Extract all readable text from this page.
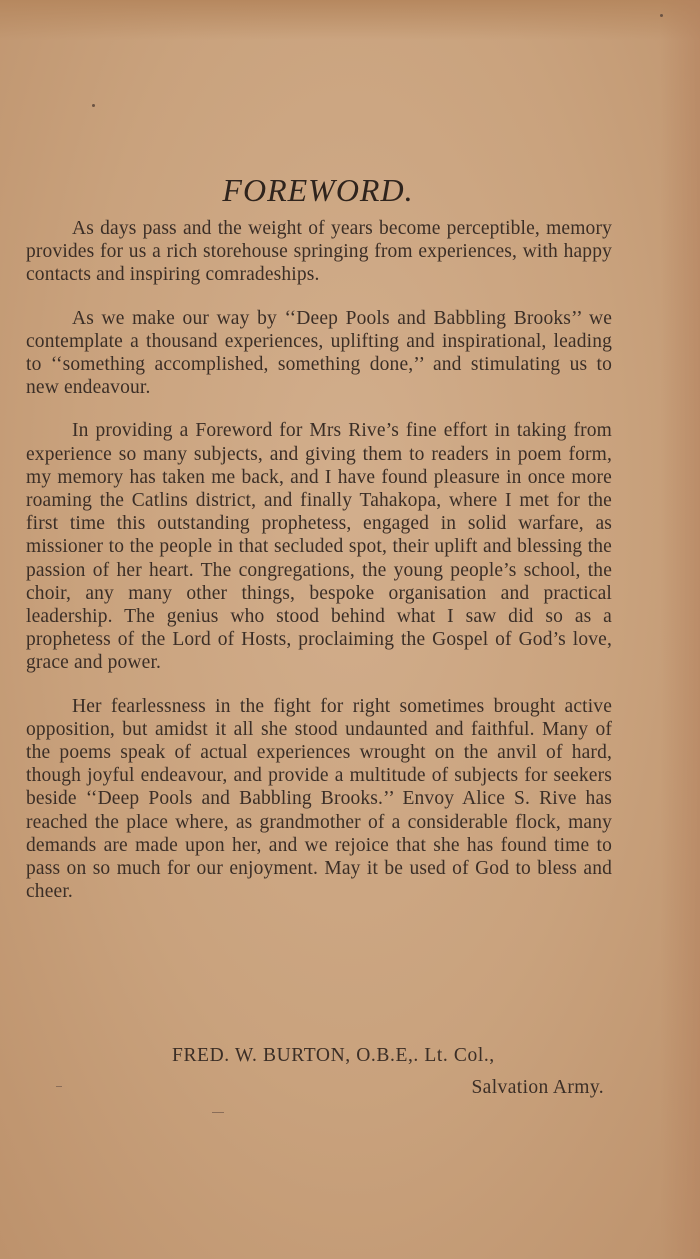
FOREWORD.

As days pass and the weight of years become perceptible, memory provides for us a rich storehouse springing from experiences, with happy contacts and inspiring comradeships.

As we make our way by ‘‘Deep Pools and Babbling Brooks’’ we contemplate a thousand experiences, uplifting and inspirational, leading to ‘‘something accomplished, something done,’’ and stimulating us to new endeavour.

In providing a Foreword for Mrs Rive’s fine effort in taking from experience so many subjects, and giving them to readers in poem form, my memory has taken me back, and I have found pleasure in once more roaming the Catlins district, and finally Tahakopa, where I met for the first time this outstanding prophetess, engaged in solid warfare, as missioner to the people in that secluded spot, their uplift and blessing the passion of her heart. The congregations, the young people’s school, the choir, any many other things, bespoke organisation and practical leadership. The genius who stood behind what I saw did so as a prophetess of the Lord of Hosts, proclaiming the Gospel of God’s love, grace and power.

Her fearlessness in the fight for right sometimes brought active opposition, but amidst it all she stood undaunted and faithful. Many of the poems speak of actual experiences wrought on the anvil of hard, though joyful endeavour, and provide a multitude of subjects for seekers beside ‘‘Deep Pools and Babbling Brooks.’’ Envoy Alice S. Rive has reached the place where, as grandmother of a considerable flock, many demands are made upon her, and we rejoice that she has found time to pass on so much for our enjoyment. May it be used of God to bless and cheer.

FRED. W. BURTON, O.B.E,. Lt. Col.,
Salvation Army.
